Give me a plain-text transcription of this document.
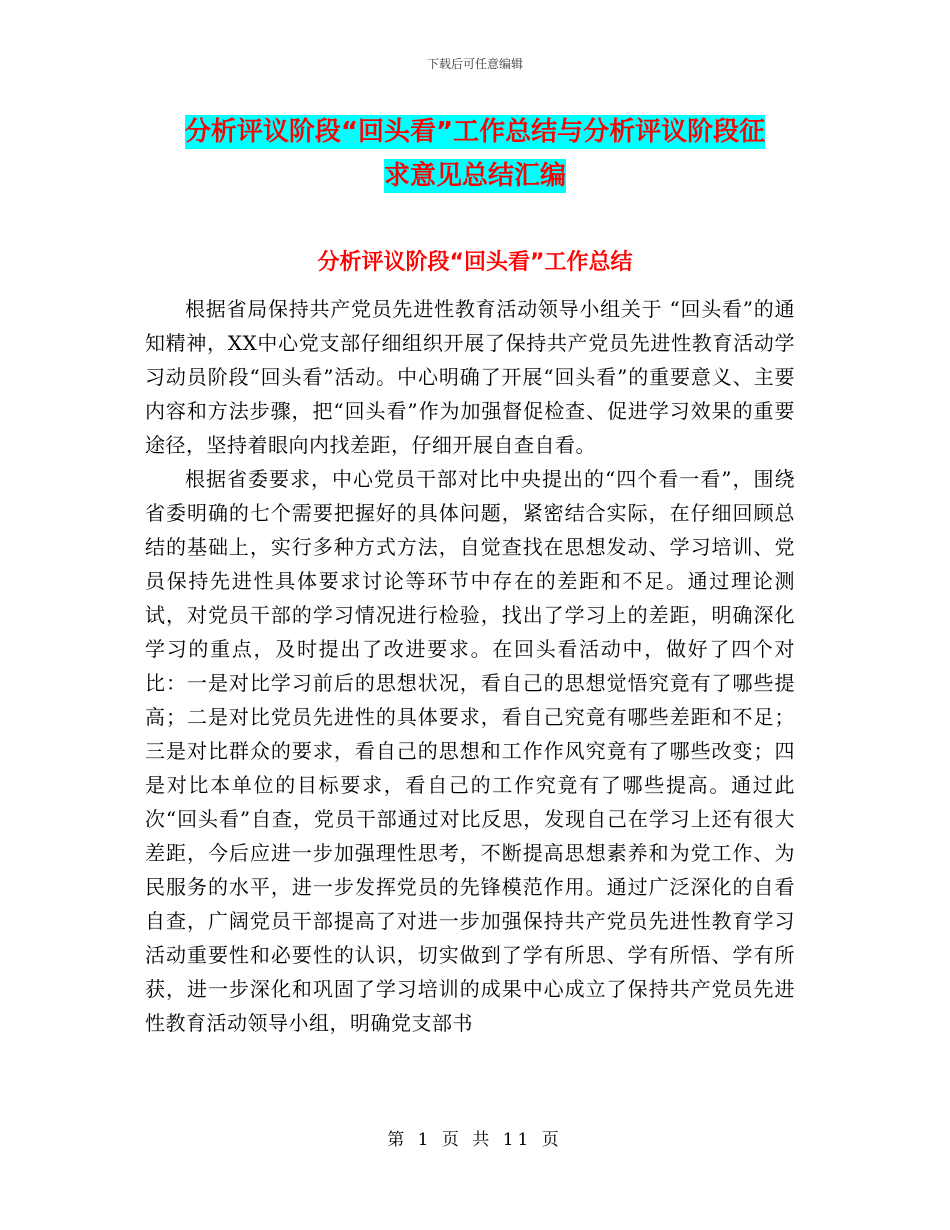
下载后可任意编辑
分析评议阶段“回头看”工作总结与分析评议阶段征
求意见总结汇编
分析评议阶段“回头看”工作总结

根据省局保持共产党员先进性教育活动领导小组关于 “回头看”的通知精神，XX中心党支部仔细组织开展了保持共产党员先进性教育活动学习动员阶段“回头看”活动。中心明确了开展“回头看”的重要意义、主要内容和方法步骤，把“回头看”作为加强督促检查、促进学习效果的重要途径，坚持着眼向内找差距，仔细开展自查自看。

根据省委要求，中心党员干部对比中央提出的“四个看一看”，围绕省委明确的七个需要把握好的具体问题，紧密结合实际，在仔细回顾总结的基础上，实行多种方式方法，自觉查找在思想发动、学习培训、党员保持先进性具体要求讨论等环节中存在的差距和不足。通过理论测试，对党员干部的学习情况进行检验，找出了学习上的差距，明确深化学习的重点，及时提出了改进要求。在回头看活动中，做好了四个对比：一是对比学习前后的思想状况，看自己的思想觉悟究竟有了哪些提高；二是对比党员先进性的具体要求，看自己究竟有哪些差距和不足；三是对比群众的要求，看自己的思想和工作作风究竟有了哪些改变；四是对比本单位的目标要求，看自己的工作究竟有了哪些提高。通过此次“回头看”自查，党员干部通过对比反思，发现自己在学习上还有很大差距，今后应进一步加强理性思考，不断提高思想素养和为党工作、为民服务的水平，进一步发挥党员的先锋模范作用。通过广泛深化的自看自查，广阔党员干部提高了对进一步加强保持共产党员先进性教育学习活动重要性和必要性的认识，切实做到了学有所思、学有所悟、学有所获，进一步深化和巩固了学习培训的成果中心成立了保持共产党员先进性教育活动领导小组，明确党支部书

第 1 页 共 11 页
